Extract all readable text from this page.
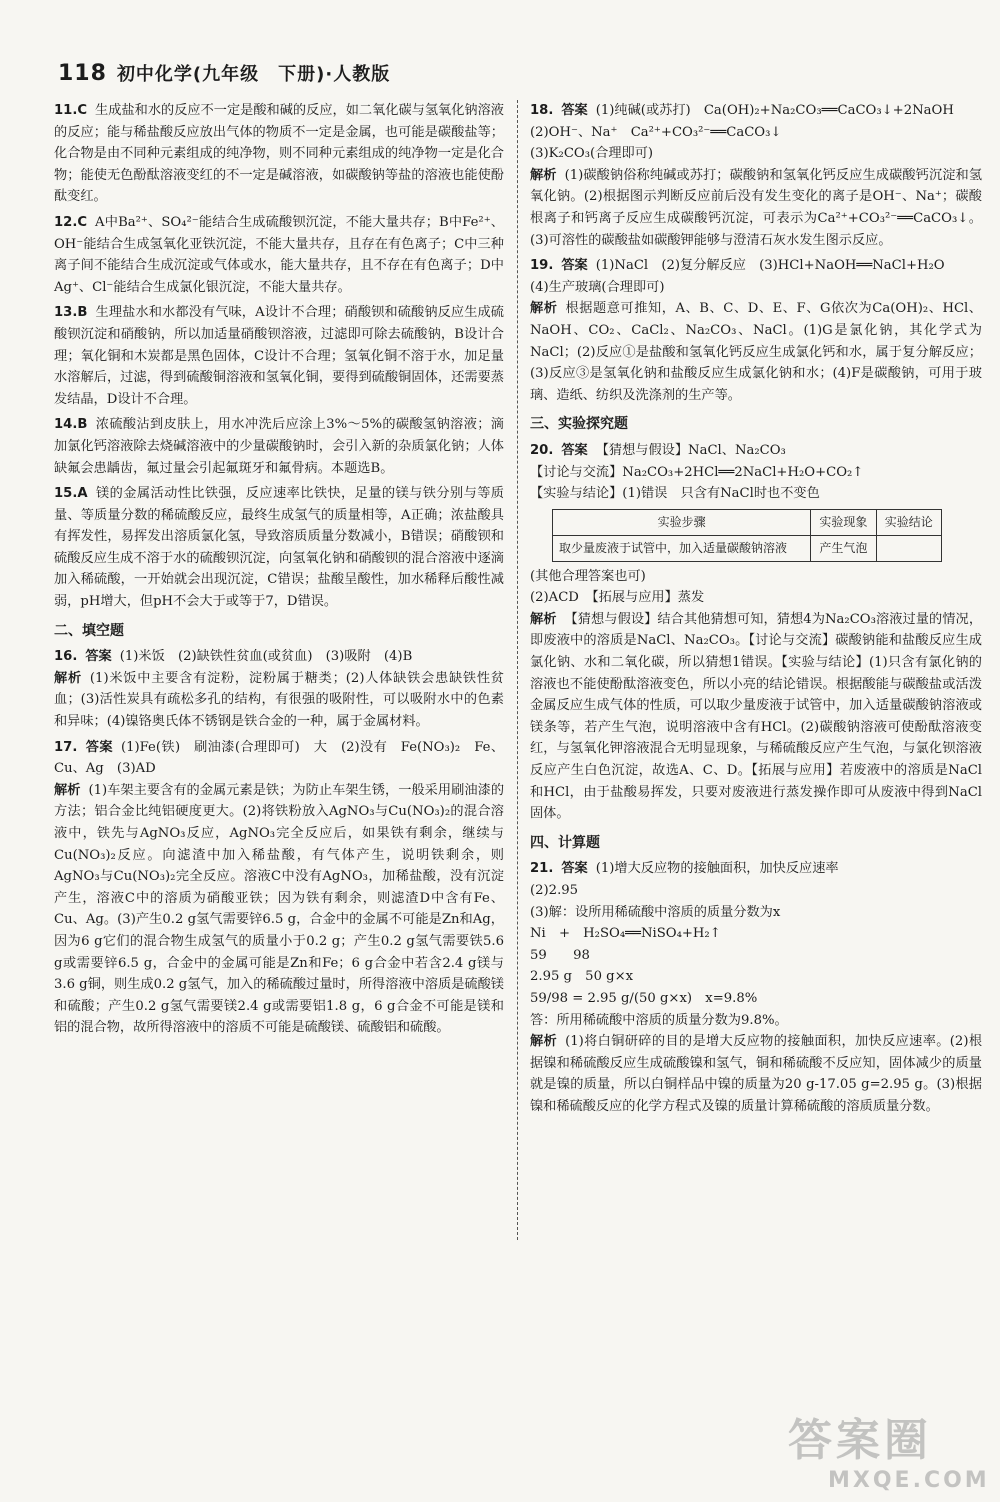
118 初中化学(九年级　下册)·人教版
11.C 生成盐和水的反应不一定是酸和碱的反应，如二氧化碳与氢氧化钠溶液的反应；能与稀盐酸反应放出气体的物质不一定是金属，也可能是碳酸盐等；化合物是由不同种元素组成的纯净物，则不同种元素组成的纯净物一定是化合物；能使无色酚酞溶液变红的不一定是碱溶液，如碳酸钠等盐的溶液也能使酚酞变红。
12.C A中Ba²⁺、SO₄²⁻能结合生成硫酸钡沉淀，不能大量共存；B中Fe²⁺、OH⁻能结合生成氢氧化亚铁沉淀，不能大量共存，且存在有色离子；C中三种离子间不能结合生成沉淀或气体或水，能大量共存，且不存在有色离子；D中Ag⁺、Cl⁻能结合生成氯化银沉淀，不能大量共存。
13.B 生理盐水和水都没有气味，A设计不合理；硝酸钡和硫酸钠反应生成硫酸钡沉淀和硝酸钠，所以加适量硝酸钡溶液，过滤即可除去硫酸钠，B设计合理；氧化铜和木炭都是黑色固体，C设计不合理；氢氧化铜不溶于水，加足量水溶解后，过滤，得到硫酸铜溶液和氢氧化铜，要得到硫酸铜固体，还需要蒸发结晶，D设计不合理。
14.B 浓硫酸沾到皮肤上，用水冲洗后应涂上3%～5%的碳酸氢钠溶液；滴加氯化钙溶液除去烧碱溶液中的少量碳酸钠时，会引入新的杂质氯化钠；人体缺氟会患龋齿，氟过量会引起氟斑牙和氟骨病。本题选B。
15.A 镁的金属活动性比铁强，反应速率比铁快，足量的镁与铁分别与等质量、等质量分数的稀硫酸反应，最终生成氢气的质量相等，A正确；浓盐酸具有挥发性，易挥发出溶质氯化氢，导致溶质质量分数减小，B错误；硝酸钡和硫酸反应生成不溶于水的硫酸钡沉淀，向氢氧化钠和硝酸钡的混合溶液中逐滴加入稀硫酸，一开始就会出现沉淀，C错误；盐酸呈酸性，加水稀释后酸性减弱，pH增大，但pH不会大于或等于7，D错误。
二、填空题
16. 答案 (1)米饭　(2)缺铁性贫血(或贫血)　(3)吸附　(4)B
解析 (1)米饭中主要含有淀粉，淀粉属于糖类；(2)人体缺铁会患缺铁性贫血；(3)活性炭具有疏松多孔的结构，有很强的吸附性，可以吸附水中的色素和异味；(4)镍铬奥氏体不锈钢是铁合金的一种，属于金属材料。
17. 答案 (1)Fe(铁)　刷油漆(合理即可)　大　(2)没有　Fe(NO₃)₂　Fe、Cu、Ag　(3)AD
解析 (1)车架主要含有的金属元素是铁；为防止车架生锈，一般采用刷油漆的方法；铝合金比纯铝硬度更大。(2)将铁粉放入AgNO₃与Cu(NO₃)₂的混合溶液中，铁先与AgNO₃反应，AgNO₃完全反应后，如果铁有剩余，继续与Cu(NO₃)₂反应。向滤渣中加入稀盐酸，有气体产生，说明铁剩余，则AgNO₃与Cu(NO₃)₂完全反应。溶液C中没有AgNO₃，加稀盐酸，没有沉淀产生，溶液C中的溶质为硝酸亚铁；因为铁有剩余，则滤渣D中含有Fe、Cu、Ag。(3)产生0.2 g氢气需要锌6.5 g，合金中的金属不可能是Zn和Ag，因为6 g它们的混合物生成氢气的质量小于0.2 g；产生0.2 g氢气需要铁5.6 g或需要锌6.5 g，合金中的金属可能是Zn和Fe；6 g合金中若含2.4 g镁与3.6 g铜，则生成0.2 g氢气，加入的稀硫酸过量时，所得溶液中溶质是硫酸镁和硫酸；产生0.2 g氢气需要镁2.4 g或需要铝1.8 g，6 g合金不可能是镁和铝的混合物，故所得溶液中的溶质不可能是硫酸镁、硫酸铝和硫酸。
18. 答案 (1)纯碱(或苏打)　Ca(OH)₂+Na₂CO₃══CaCO₃↓+2NaOH
(2)OH⁻、Na⁺　Ca²⁺+CO₃²⁻══CaCO₃↓
(3)K₂CO₃(合理即可)
解析 (1)碳酸钠俗称纯碱或苏打；碳酸钠和氢氧化钙反应生成碳酸钙沉淀和氢氧化钠。(2)根据图示判断反应前后没有发生变化的离子是OH⁻、Na⁺；碳酸根离子和钙离子反应生成碳酸钙沉淀，可表示为Ca²⁺+CO₃²⁻══CaCO₃↓。(3)可溶性的碳酸盐如碳酸钾能够与澄清石灰水发生图示反应。
19. 答案 (1)NaCl　(2)复分解反应　(3)HCl+NaOH══NaCl+H₂O
(4)生产玻璃(合理即可)
解析 根据题意可推知，A、B、C、D、E、F、G依次为Ca(OH)₂、HCl、NaOH、CO₂、CaCl₂、Na₂CO₃、NaCl。(1)G是氯化钠，其化学式为NaCl；(2)反应①是盐酸和氢氧化钙反应生成氯化钙和水，属于复分解反应；(3)反应③是氢氧化钠和盐酸反应生成氯化钠和水；(4)F是碳酸钠，可用于玻璃、造纸、纺织及洗涤剂的生产等。
三、实验探究题
20. 答案 【猜想与假设】NaCl、Na₂CO₃
【讨论与交流】Na₂CO₃+2HCl══2NaCl+H₂O+CO₂↑
【实验与结论】(1)错误　只含有NaCl时也不变色
实验步骤	实验现象	实验结论
取少量废液于试管中，加入适量碳酸钠溶液	产生气泡	
(其他合理答案也可)
(2)ACD　【拓展与应用】蒸发
解析 【猜想与假设】结合其他猜想可知，猜想4为Na₂CO₃溶液过量的情况，即废液中的溶质是NaCl、Na₂CO₃。【讨论与交流】碳酸钠能和盐酸反应生成氯化钠、水和二氧化碳，所以猜想1错误。【实验与结论】(1)只含有氯化钠的溶液也不能使酚酞溶液变色，所以小亮的结论错误。根据酸能与碳酸盐或活泼金属反应生成气体的性质，可以取少量废液于试管中，加入适量碳酸钠溶液或镁条等，若产生气泡，说明溶液中含有HCl。(2)碳酸钠溶液可使酚酞溶液变红，与氢氧化钾溶液混合无明显现象，与稀硫酸反应产生气泡，与氯化钡溶液反应产生白色沉淀，故选A、C、D。【拓展与应用】若废液中的溶质是NaCl和HCl，由于盐酸易挥发，只要对废液进行蒸发操作即可从废液中得到NaCl固体。
四、计算题
21. 答案 (1)增大反应物的接触面积，加快反应速率
(2)2.95
(3)解：设所用稀硫酸中溶质的质量分数为x
Ni　+　H₂SO₄══NiSO₄+H₂↑
59　　98
2.95 g　50 g×x
59/98 = 2.95 g/(50 g×x)　x=9.8%
答：所用稀硫酸中溶质的质量分数为9.8%。
解析 (1)将白铜研碎的目的是增大反应物的接触面积，加快反应速率。(2)根据镍和稀硫酸反应生成硫酸镍和氢气，铜和稀硫酸不反应知，固体减少的质量就是镍的质量，所以白铜样品中镍的质量为20 g-17.05 g=2.95 g。(3)根据镍和稀硫酸反应的化学方程式及镍的质量计算稀硫酸的溶质质量分数。
答案圈
MXQE.COM
